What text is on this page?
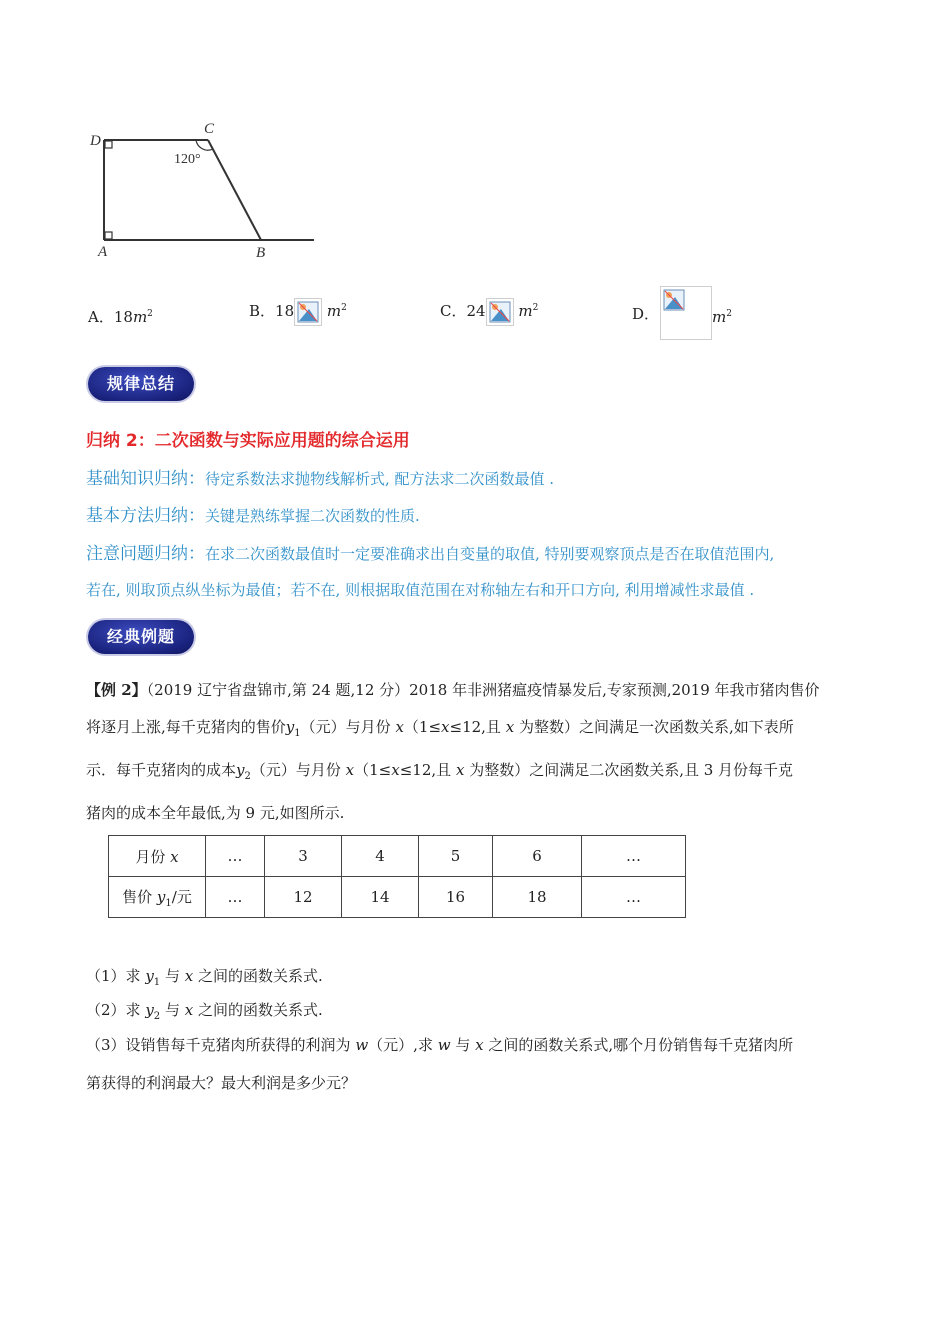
D
C
120°
A	B
A．$18m^2$	B．18 $m^2$	C．24 $m^2$	D．	$m^2$
规律总结
归纳 2：二次函数与实际应用题的综合运用
基础知识归纳：待定系数法求抛物线解析式, 配方法求二次函数最值 .
基本方法归纳：关键是熟练掌握二次函数的性质.
注意问题归纳：在求二次函数最值时一定要准确求出自变量的取值, 特别要观察顶点是否在取值范围内,
若在, 则取顶点纵坐标为最值；若不在, 则根据取值范围在对称轴左右和开口方向, 利用增减性求最值 .
经典例题
【例 2】（2019 辽宁省盘锦市,第 24 题,12 分）2018 年非洲猪瘟疫情暴发后,专家预测,2019 年我市猪肉售价
将逐月上涨,每千克猪肉的售价$y_1$（元）与月份 x（1≤x≤12,且 x 为整数）之间满足一次函数关系,如下表所
示．每千克猪肉的成本$y_2$（元）与月份 x（1≤x≤12,且 x 为整数）之间满足二次函数关系,且 3 月份每千克
猪肉的成本全年最低,为 9 元,如图所示.
月份 x	…	3	4	5	6	…
售价 $y_1/$元	…	12	14	16	18	…
（1）求 $y_1$ 与 x 之间的函数关系式.
（2）求 $y_2$ 与 x 之间的函数关系式.
（3）设销售每千克猪肉所获得的利润为 w（元）,求 w 与 x 之间的函数关系式,哪个月份销售每千克猪肉所
第获得的利润最大？最大利润是多少元？
